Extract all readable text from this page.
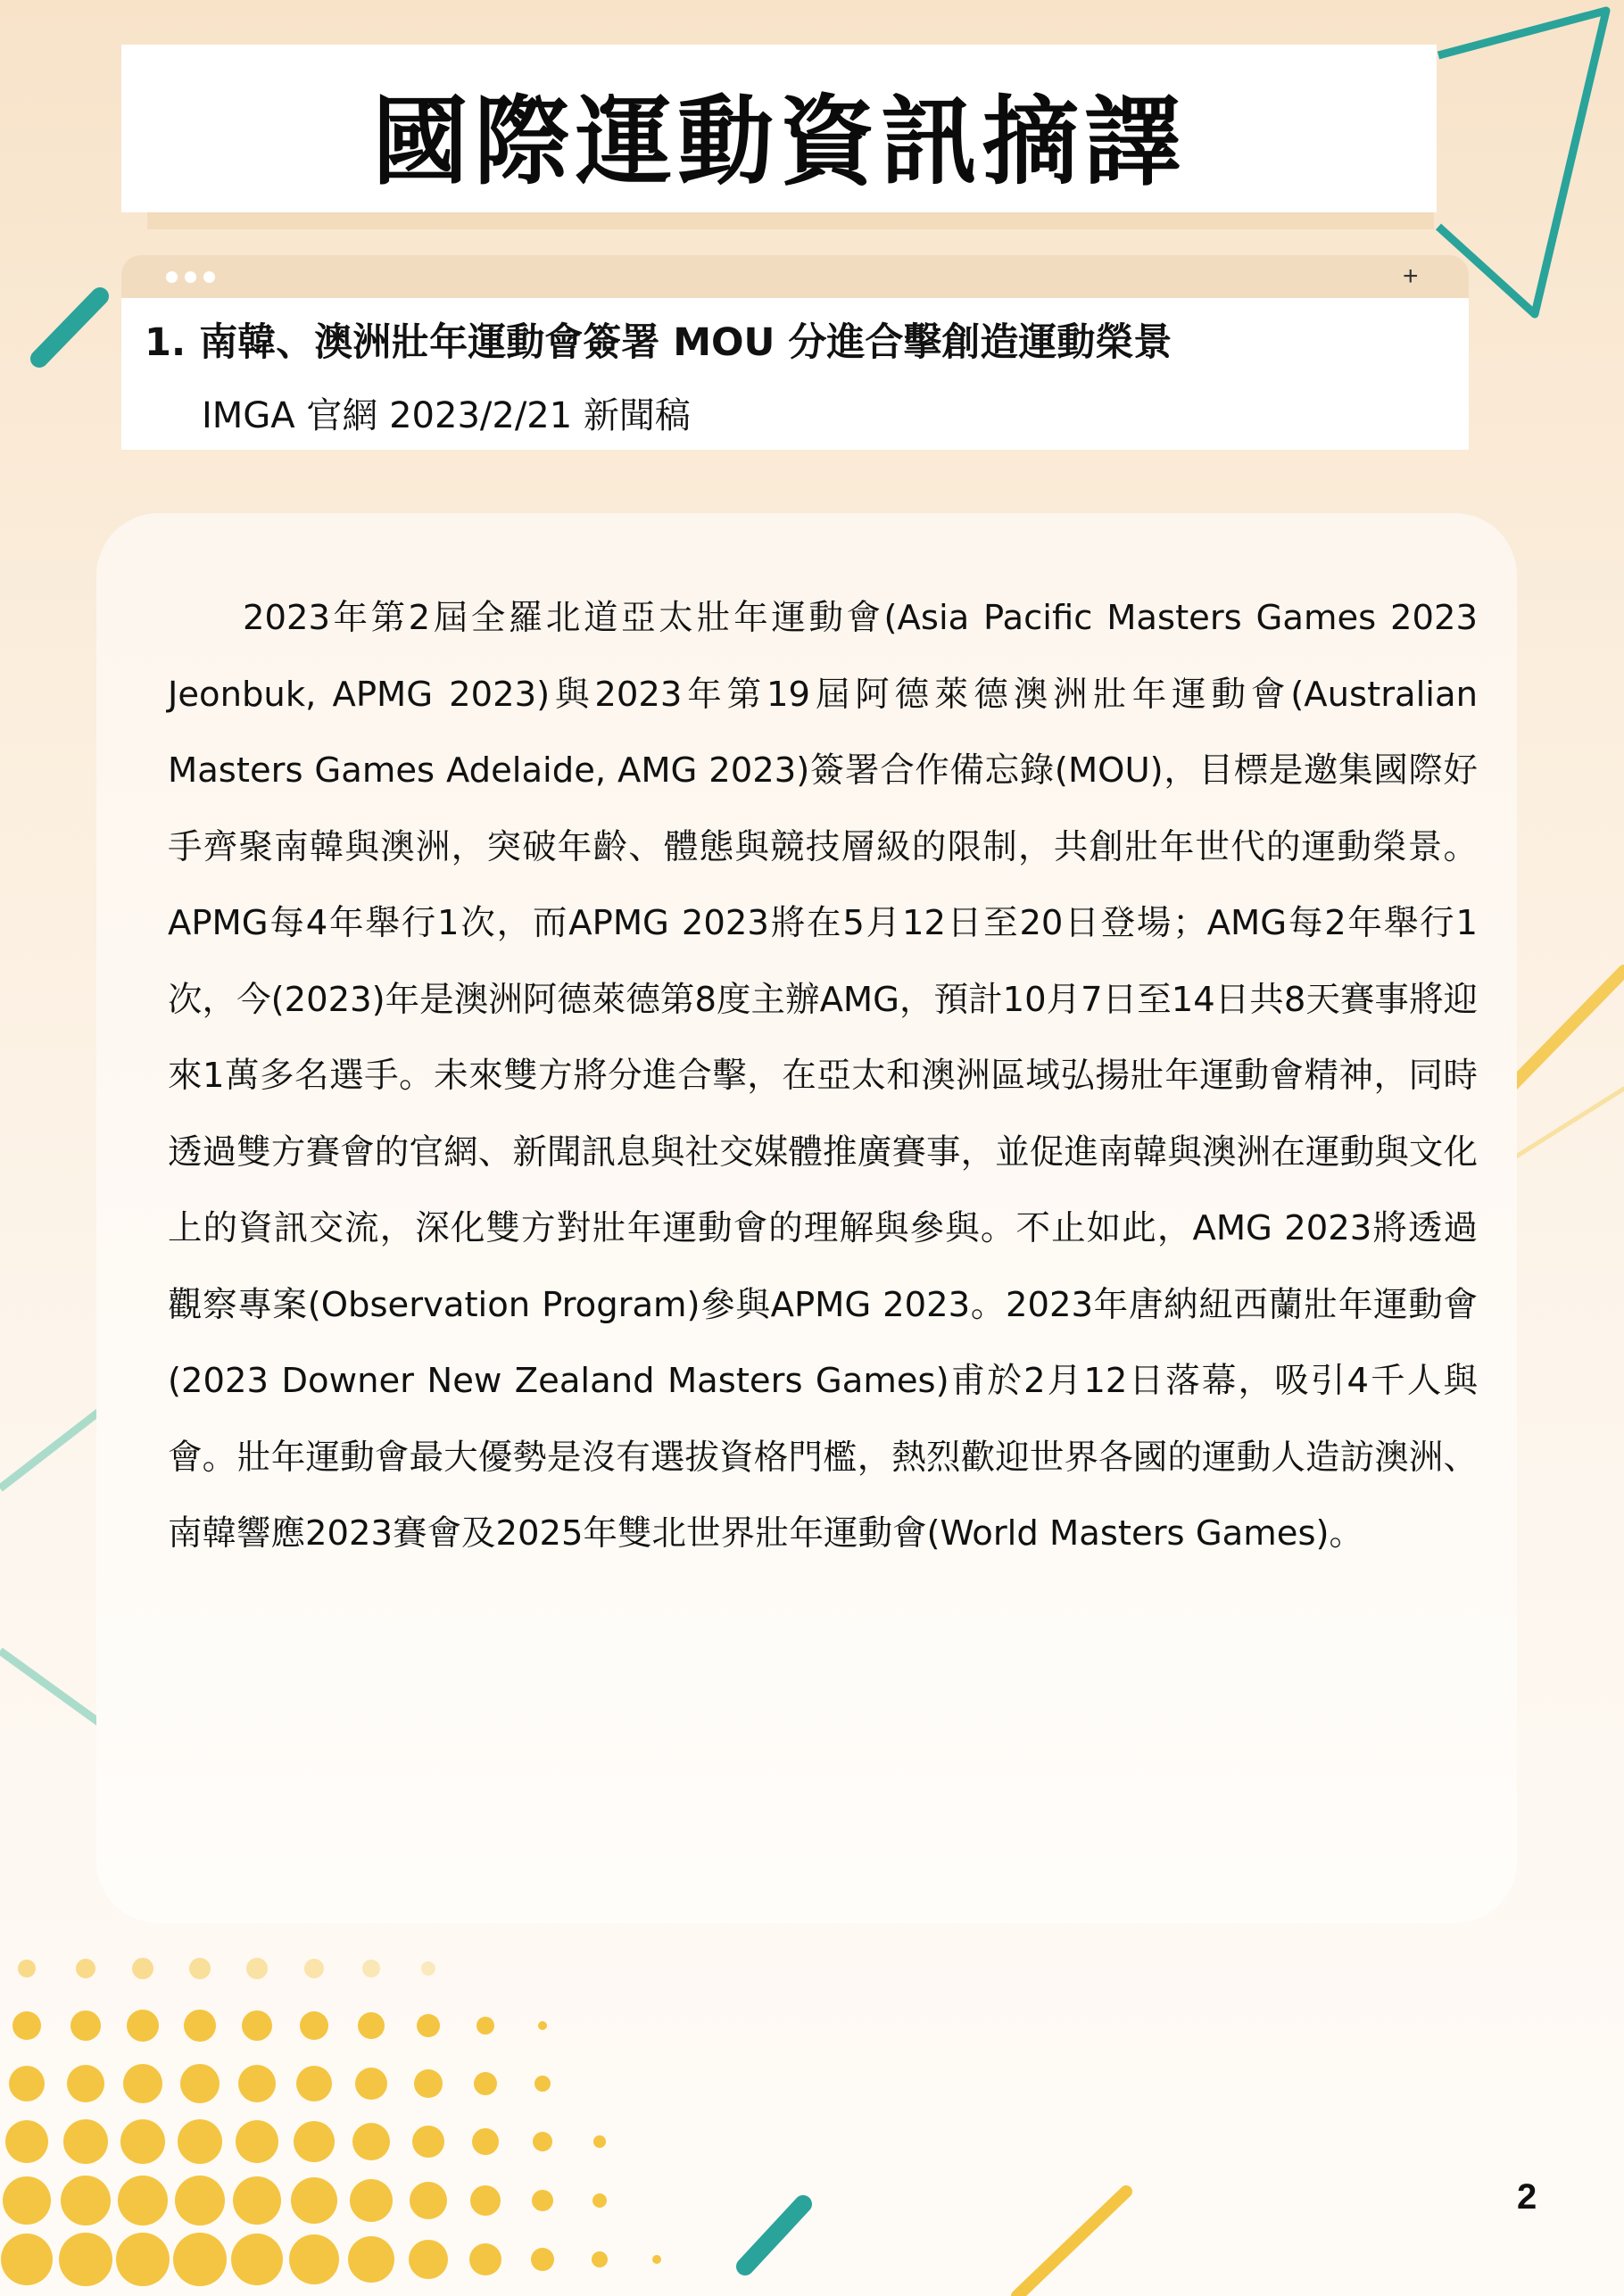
國際運動資訊摘譯
+
1. 南韓、澳洲壯年運動會簽署 MOU 分進合擊創造運動榮景
IMGA 官網 2023/2/21 新聞稿

2023年第2屆全羅北道亞太壯年運動會(Asia Pacific Masters Games 2023 Jeonbuk, APMG 2023)與2023年第19屆阿德萊德澳洲壯年運動會(Australian Masters Games Adelaide, AMG 2023)簽署合作備忘錄(MOU)，目標是邀集國際好手齊聚南韓與澳洲，突破年齡、體態與競技層級的限制，共創壯年世代的運動榮景。APMG每4年舉行1次，而APMG 2023將在5月12日至20日登場；AMG每2年舉行1次，今(2023)年是澳洲阿德萊德第8度主辦AMG，預計10月7日至14日共8天賽事將迎來1萬多名選手。未來雙方將分進合擊，在亞太和澳洲區域弘揚壯年運動會精神，同時透過雙方賽會的官網、新聞訊息與社交媒體推廣賽事，並促進南韓與澳洲在運動與文化上的資訊交流，深化雙方對壯年運動會的理解與參與。不止如此，AMG 2023將透過觀察專案(Observation Program)參與APMG 2023。2023年唐納紐西蘭壯年運動會(2023 Downer New Zealand Masters Games)甫於2月12日落幕，吸引4千人與會。壯年運動會最大優勢是沒有選拔資格門檻，熱烈歡迎世界各國的運動人造訪澳洲、南韓響應2023賽會及2025年雙北世界壯年運動會(World Masters Games)。

2
